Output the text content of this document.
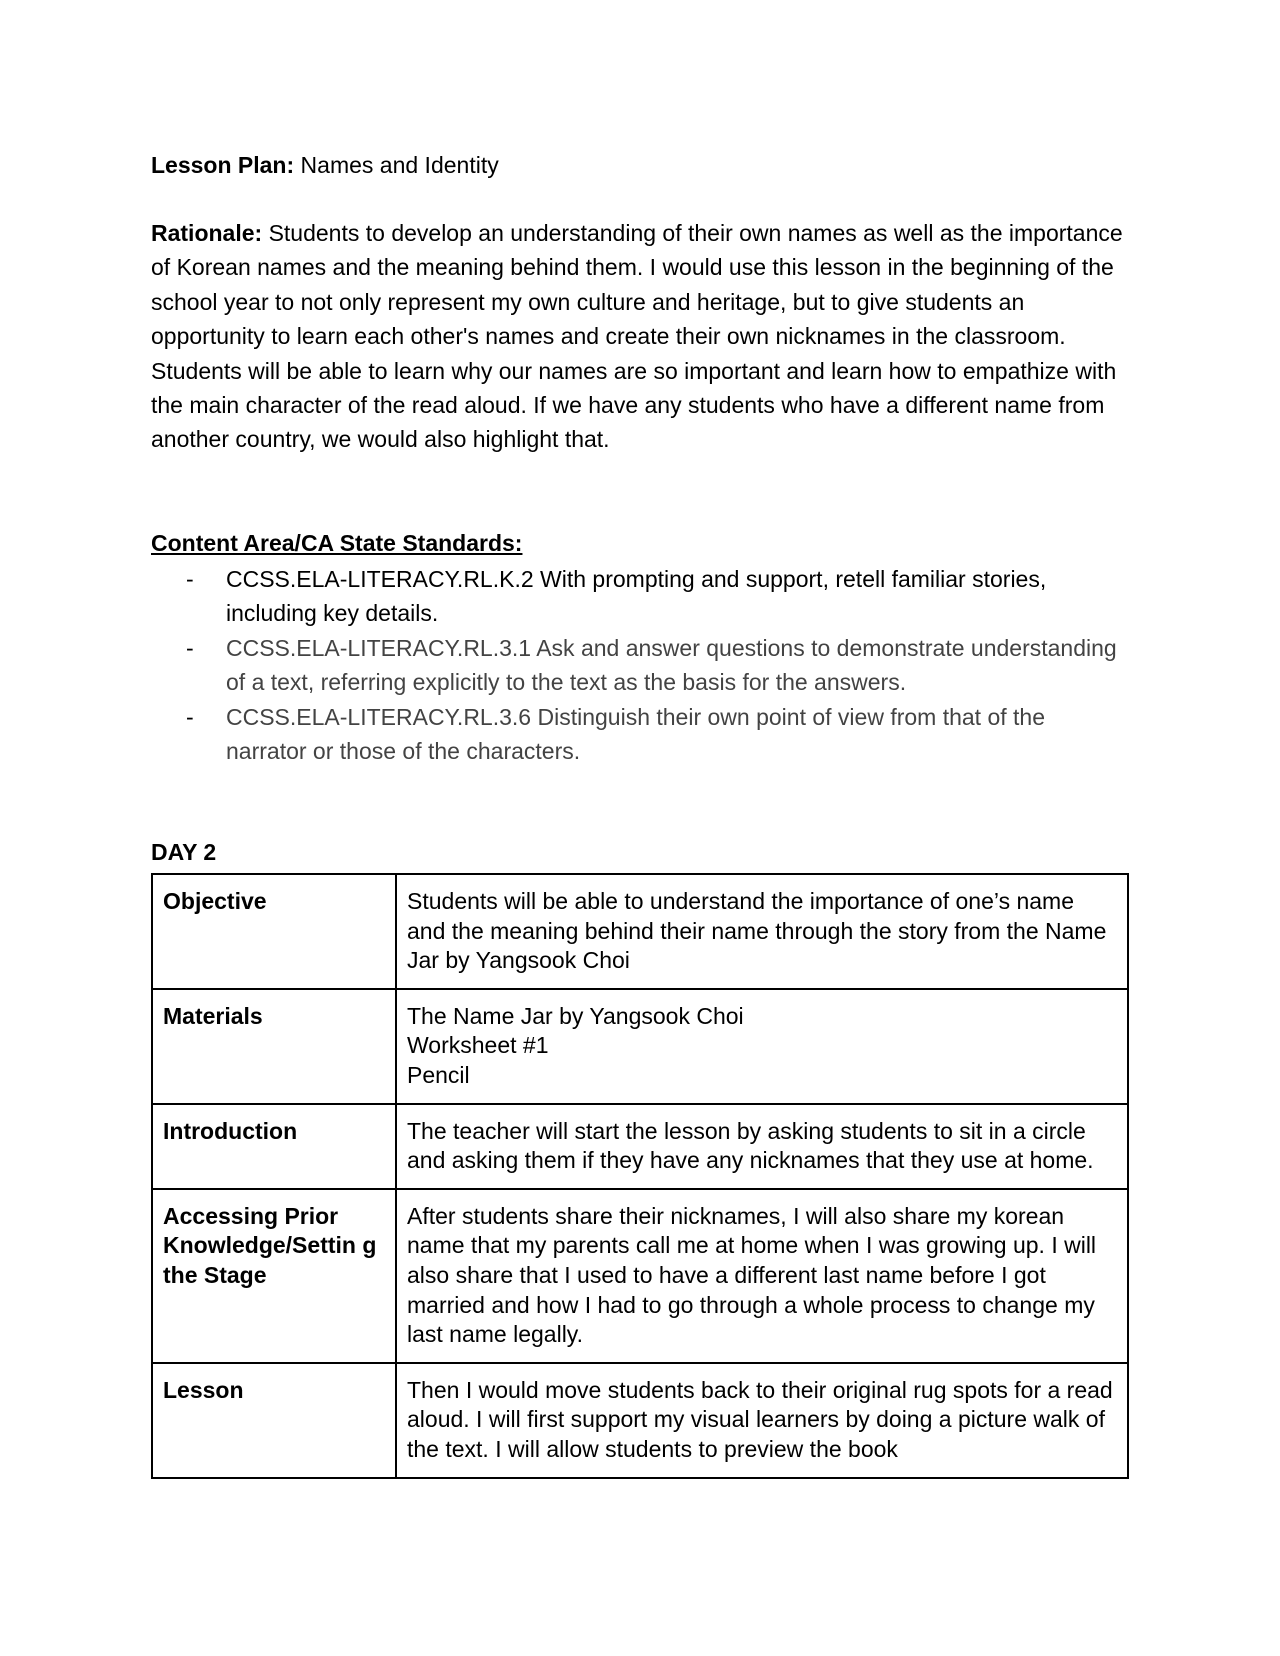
Lesson Plan: Names and Identity
Rationale: Students to develop an understanding of their own names as well as the importance of Korean names and the meaning behind them. I would use this lesson in the beginning of the school year to not only represent my own culture and heritage, but to give students an opportunity to learn each other's names and create their own nicknames in the classroom. Students will be able to learn why our names are so important and learn how to empathize with the main character of the read aloud. If we have any students who have a different name from another country, we would also highlight that.
Content Area/CA State Standards:
- CCSS.ELA-LITERACY.RL.K.2 With prompting and support, retell familiar stories, including key details.
- CCSS.ELA-LITERACY.RL.3.1 Ask and answer questions to demonstrate understanding of a text, referring explicitly to the text as the basis for the answers.
- CCSS.ELA-LITERACY.RL.3.6 Distinguish their own point of view from that of the narrator or those of the characters.
DAY 2
Objective	Students will be able to understand the importance of one’s name and the meaning behind their name through the story from the Name Jar by Yangsook Choi

Materials	The Name Jar by Yangsook Choi
Worksheet #1
Pencil

Introduction	The teacher will start the lesson by asking students to sit in a circle and asking them if they have any nicknames that they use at home.

Accessing Prior Knowledge/Settin g the Stage	After students share their nicknames, I will also share my korean name that my parents call me at home when I was growing up. I will also share that I used to have a different last name before I got married and how I had to go through a whole process to change my last name legally.

Lesson	Then I would move students back to their original rug spots for a read aloud. I will first support my visual learners by doing a picture walk of the text. I will allow students to preview the book
